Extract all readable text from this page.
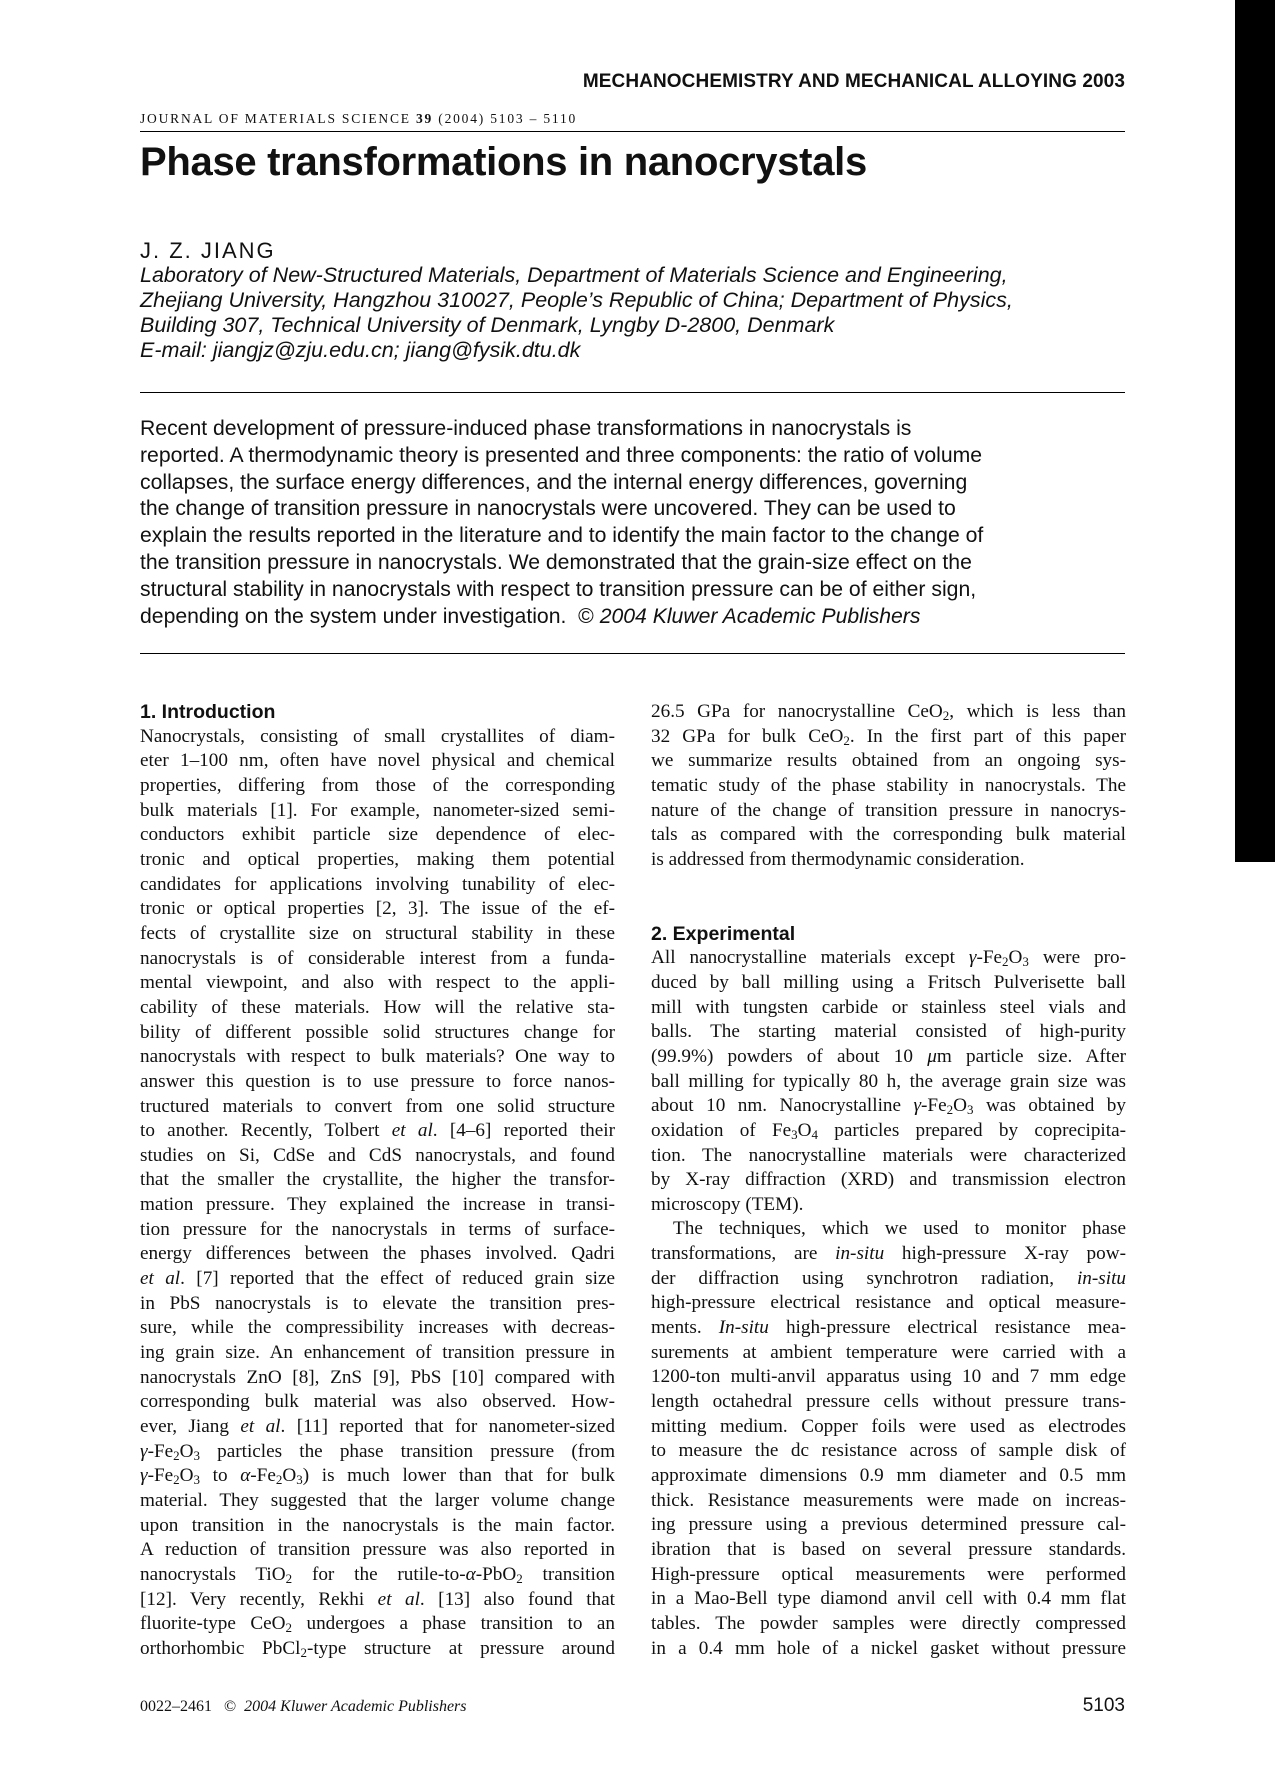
MECHANOCHEMISTRY AND MECHANICAL ALLOYING 2003
JOURNAL OF MATERIALS SCIENCE 39 (2004) 5103 – 5110
Phase transformations in nanocrystals
J. Z. JIANG
Laboratory of New-Structured Materials, Department of Materials Science and Engineering,
Zhejiang University, Hangzhou 310027, People’s Republic of China; Department of Physics,
Building 307, Technical University of Denmark, Lyngby D-2800, Denmark
E-mail: jiangjz@zju.edu.cn; jiang@fysik.dtu.dk
Recent development of pressure-induced phase transformations in nanocrystals is
reported. A thermodynamic theory is presented and three components: the ratio of volume
collapses, the surface energy differences, and the internal energy differences, governing
the change of transition pressure in nanocrystals were uncovered. They can be used to
explain the results reported in the literature and to identify the main factor to the change of
the transition pressure in nanocrystals. We demonstrated that the grain-size effect on the
structural stability in nanocrystals with respect to transition pressure can be of either sign,
depending on the system under investigation. © 2004 Kluwer Academic Publishers
1. Introduction
Nanocrystals, consisting of small crystallites of diam-
eter 1–100 nm, often have novel physical and chemical
properties, differing from those of the corresponding
bulk materials [1]. For example, nanometer-sized semi-
conductors exhibit particle size dependence of elec-
tronic and optical properties, making them potential
candidates for applications involving tunability of elec-
tronic or optical properties [2, 3]. The issue of the ef-
fects of crystallite size on structural stability in these
nanocrystals is of considerable interest from a funda-
mental viewpoint, and also with respect to the appli-
cability of these materials. How will the relative sta-
bility of different possible solid structures change for
nanocrystals with respect to bulk materials? One way to
answer this question is to use pressure to force nanos-
tructured materials to convert from one solid structure
to another. Recently, Tolbert et al. [4–6] reported their
studies on Si, CdSe and CdS nanocrystals, and found
that the smaller the crystallite, the higher the transfor-
mation pressure. They explained the increase in transi-
tion pressure for the nanocrystals in terms of surface-
energy differences between the phases involved. Qadri
et al. [7] reported that the effect of reduced grain size
in PbS nanocrystals is to elevate the transition pres-
sure, while the compressibility increases with decreas-
ing grain size. An enhancement of transition pressure in
nanocrystals ZnO [8], ZnS [9], PbS [10] compared with
corresponding bulk material was also observed. How-
ever, Jiang et al. [11] reported that for nanometer-sized
$\gamma-Fe_2O_3$ particles the phase transition pressure (from
$\gamma-Fe_2O_3$ to $\alpha-Fe_2O_3$) is much lower than that for bulk
material. They suggested that the larger volume change
upon transition in the nanocrystals is the main factor.
A reduction of transition pressure was also reported in
nanocrystals TiO$_2$ for the rutile-to-α-PbO$_2$ transition
[12]. Very recently, Rekhi et al. [13] also found that
fluorite-type CeO$_2$ undergoes a phase transition to an
orthorhombic PbCl$_2$-type structure at pressure around
26.5 GPa for nanocrystalline CeO$_2$, which is less than
32 GPa for bulk CeO$_2$. In the first part of this paper
we summarize results obtained from an ongoing sys-
tematic study of the phase stability in nanocrystals. The
nature of the change of transition pressure in nanocrys-
tals as compared with the corresponding bulk material
is addressed from thermodynamic consideration.
2. Experimental
All nanocrystalline materials except $\gamma-Fe_2O_3$ were pro-
duced by ball milling using a Fritsch Pulverisette ball
mill with tungsten carbide or stainless steel vials and
balls. The starting material consisted of high-purity
(99.9%) powders of about 10 μm particle size. After
ball milling for typically 80 h, the average grain size was
about 10 nm. Nanocrystalline $\gamma-Fe_2O_3$ was obtained by
oxidation of $Fe_3O_4$ particles prepared by coprecipita-
tion. The nanocrystalline materials were characterized
by X-ray diffraction (XRD) and transmission electron
microscopy (TEM).
The techniques, which we used to monitor phase
transformations, are in-situ high-pressure X-ray pow-
der diffraction using synchrotron radiation, in-situ
high-pressure electrical resistance and optical measure-
ments. In-situ high-pressure electrical resistance mea-
surements at ambient temperature were carried with a
1200-ton multi-anvil apparatus using 10 and 7 mm edge
length octahedral pressure cells without pressure trans-
mitting medium. Copper foils were used as electrodes
to measure the dc resistance across of sample disk of
approximate dimensions 0.9 mm diameter and 0.5 mm
thick. Resistance measurements were made on increas-
ing pressure using a previous determined pressure cal-
ibration that is based on several pressure standards.
High-pressure optical measurements were performed
in a Mao-Bell type diamond anvil cell with 0.4 mm flat
tables. The powder samples were directly compressed
in a 0.4 mm hole of a nickel gasket without pressure
0022–2461 © 2004 Kluwer Academic Publishers	5103
